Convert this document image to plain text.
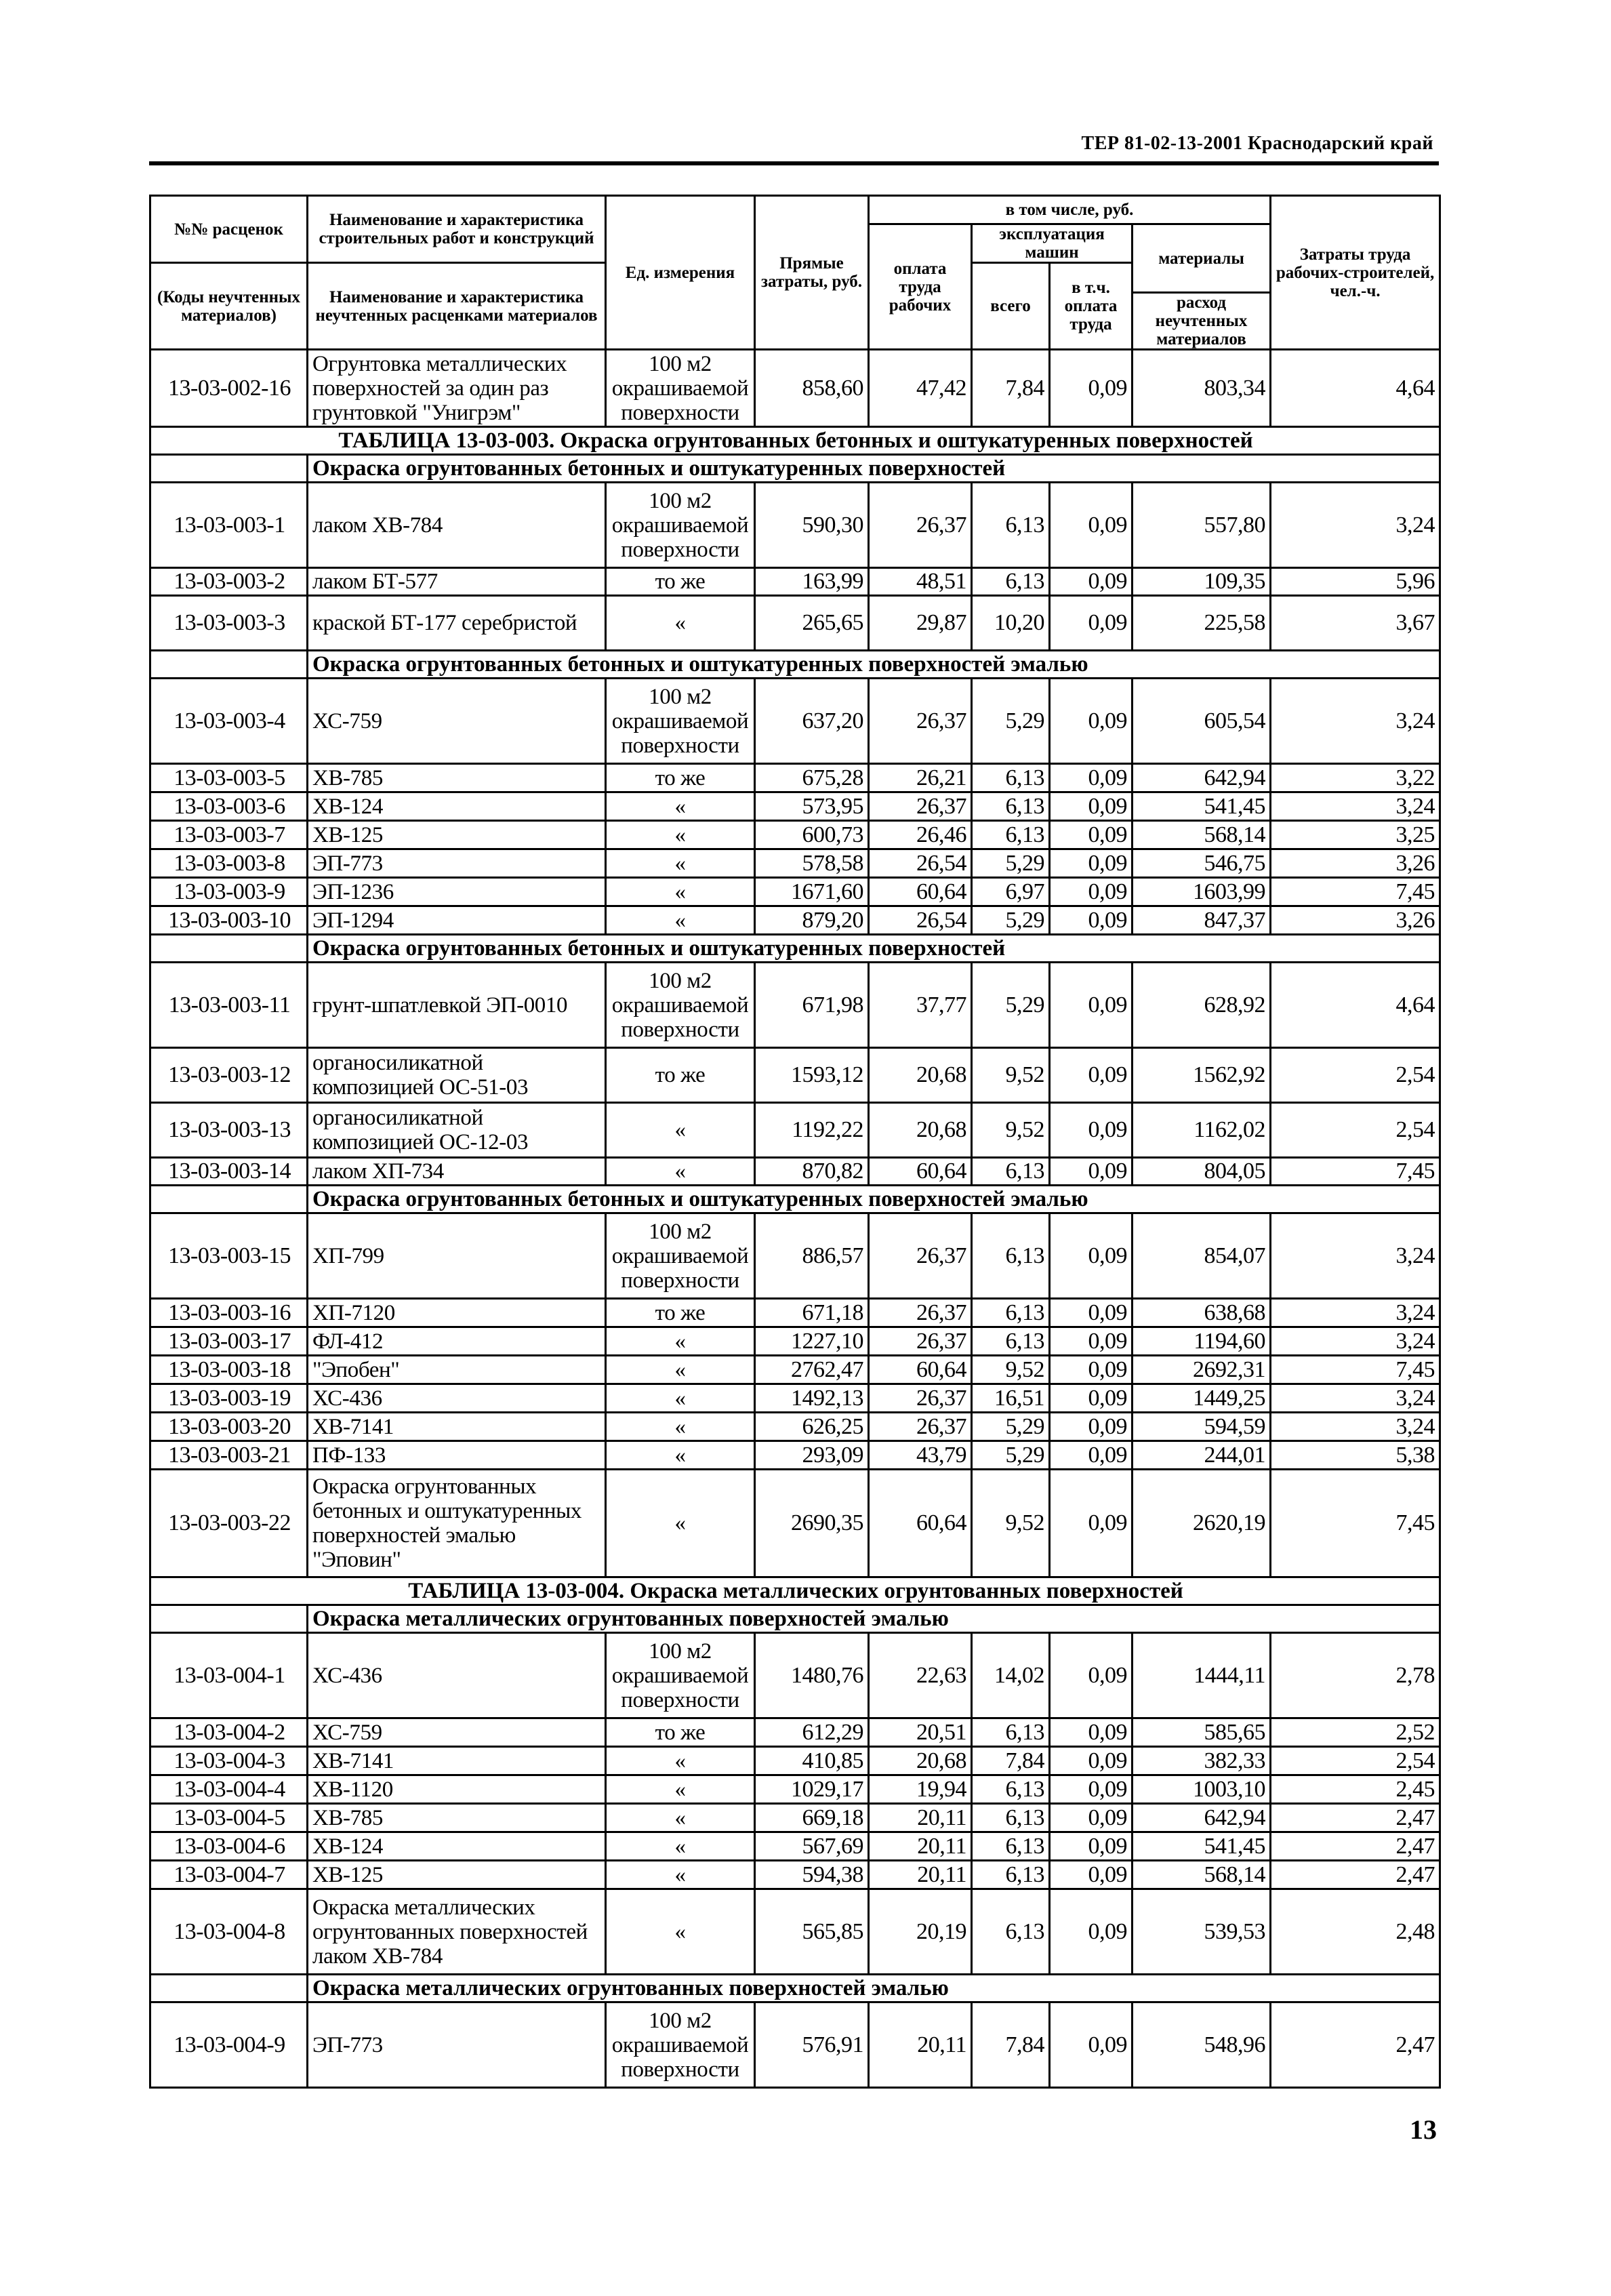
ТЕР 81-02-13-2001 Краснодарский край
№№ расценок	Наименование и характеристика строительных работ и конструкций	Ед. измерения	Прямые затраты, руб.	в том числе, руб.				Затраты труда рабочих-строителей, чел.-ч.
				оплата труда рабочих	эксплуатация машин		материалы	
(Коды неучтенных материалов)	Наименование и характеристика неучтенных расценками материалов				всего	в т.ч. оплата труда		
							расход неучтенных материалов	
13-03-002-16	Огрунтовка металлических поверхностей за один раз грунтовкой "Унигрэм"	100 м2 окрашиваемой поверхности	858,60	47,42	7,84	0,09	803,34	4,64
ТАБЛИЦА 13-03-003. Окраска огрунтованных бетонных и оштукатуренных поверхностей								
	Окраска огрунтованных бетонных и оштукатуренных поверхностей							
13-03-003-1	лаком ХВ-784	100 м2 окрашиваемой поверхности	590,30	26,37	6,13	0,09	557,80	3,24
13-03-003-2	лаком БТ-577	то же	163,99	48,51	6,13	0,09	109,35	5,96
13-03-003-3	краской БТ-177 серебристой	«	265,65	29,87	10,20	0,09	225,58	3,67
	Окраска огрунтованных бетонных и оштукатуренных поверхностей эмалью							
13-03-003-4	ХС-759	100 м2 окрашиваемой поверхности	637,20	26,37	5,29	0,09	605,54	3,24
13-03-003-5	ХВ-785	то же	675,28	26,21	6,13	0,09	642,94	3,22
13-03-003-6	ХВ-124	«	573,95	26,37	6,13	0,09	541,45	3,24
13-03-003-7	ХВ-125	«	600,73	26,46	6,13	0,09	568,14	3,25
13-03-003-8	ЭП-773	«	578,58	26,54	5,29	0,09	546,75	3,26
13-03-003-9	ЭП-1236	«	1671,60	60,64	6,97	0,09	1603,99	7,45
13-03-003-10	ЭП-1294	«	879,20	26,54	5,29	0,09	847,37	3,26
	Окраска огрунтованных бетонных и оштукатуренных поверхностей							
13-03-003-11	грунт-шпатлевкой ЭП-0010	100 м2 окрашиваемой поверхности	671,98	37,77	5,29	0,09	628,92	4,64
13-03-003-12	органосиликатной композицией ОС-51-03	то же	1593,12	20,68	9,52	0,09	1562,92	2,54
13-03-003-13	органосиликатной композицией ОС-12-03	«	1192,22	20,68	9,52	0,09	1162,02	2,54
13-03-003-14	лаком ХП-734	«	870,82	60,64	6,13	0,09	804,05	7,45
	Окраска огрунтованных бетонных и оштукатуренных поверхностей эмалью							
13-03-003-15	ХП-799	100 м2 окрашиваемой поверхности	886,57	26,37	6,13	0,09	854,07	3,24
13-03-003-16	ХП-7120	то же	671,18	26,37	6,13	0,09	638,68	3,24
13-03-003-17	ФЛ-412	«	1227,10	26,37	6,13	0,09	1194,60	3,24
13-03-003-18	"Эпобен"	«	2762,47	60,64	9,52	0,09	2692,31	7,45
13-03-003-19	ХС-436	«	1492,13	26,37	16,51	0,09	1449,25	3,24
13-03-003-20	ХВ-7141	«	626,25	26,37	5,29	0,09	594,59	3,24
13-03-003-21	ПФ-133	«	293,09	43,79	5,29	0,09	244,01	5,38
13-03-003-22	Окраска огрунтованных бетонных и оштукатуренных поверхностей эмалью "Эповин"	«	2690,35	60,64	9,52	0,09	2620,19	7,45
ТАБЛИЦА 13-03-004. Окраска металлических огрунтованных поверхностей								
	Окраска металлических огрунтованных поверхностей эмалью							
13-03-004-1	ХС-436	100 м2 окрашиваемой поверхности	1480,76	22,63	14,02	0,09	1444,11	2,78
13-03-004-2	ХС-759	то же	612,29	20,51	6,13	0,09	585,65	2,52
13-03-004-3	ХВ-7141	«	410,85	20,68	7,84	0,09	382,33	2,54
13-03-004-4	ХВ-1120	«	1029,17	19,94	6,13	0,09	1003,10	2,45
13-03-004-5	ХВ-785	«	669,18	20,11	6,13	0,09	642,94	2,47
13-03-004-6	ХВ-124	«	567,69	20,11	6,13	0,09	541,45	2,47
13-03-004-7	ХВ-125	«	594,38	20,11	6,13	0,09	568,14	2,47
13-03-004-8	Окраска металлических огрунтованных поверхностей лаком ХВ-784	«	565,85	20,19	6,13	0,09	539,53	2,48
	Окраска металлических огрунтованных поверхностей эмалью							
13-03-004-9	ЭП-773	100 м2 окрашиваемой поверхности	576,91	20,11	7,84	0,09	548,96	2,47
13
